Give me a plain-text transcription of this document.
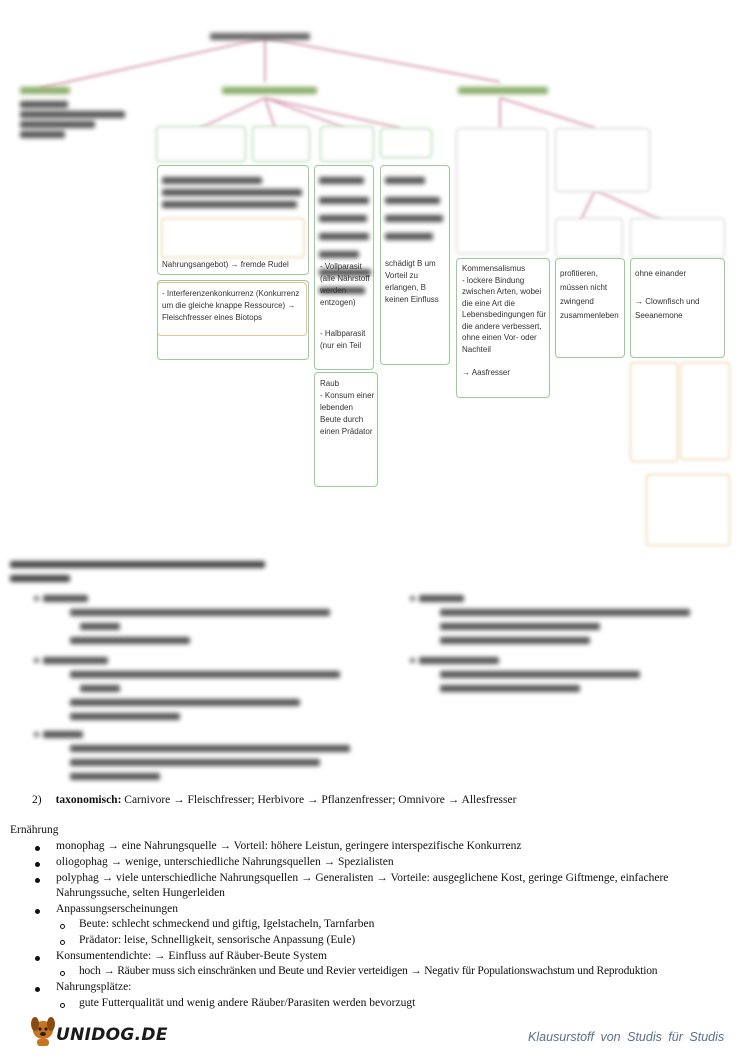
Nahrungsangebot) → fremde Rudel
- Interferenzenkonkurrenz (Konkurrenz um die gleiche knappe Ressource) → Fleischfresser eines Biotops

- Vollparasit (alle Nährstoff werden entzogen)
- Halbparasit (nur ein Teil
Raub
- Konsum einer lebenden Beute durch einen Prädator

schädigt B um Vorteil zu erlangen, B keinen Einfluss
Kommensalismus
- lockere Bindung zwischen Arten, wobei die eine Art die Lebensbedingungen für die andere verbessert, ohne einen Vor- oder Nachteil

→ Aasfresser
profitieren, müssen nicht zwingend zusammenleben
ohne einander

→ Clownfisch und Seeanemone

2) taxonomisch: Carnivore → Fleischfresser; Herbivore → Pflanzenfresser; Omnivore → Allesfresser
Ernährung
monophag → eine Nahrungsquelle → Vorteil: höhere Leistun, geringere interspezifische Konkurrenz
oliogophag → wenige, unterschiedliche Nahrungsquellen → Spezialisten
polyphag → viele unterschiedliche Nahrungsquellen → Generalisten → Vorteile: ausgeglichene Kost, geringe Giftmenge, einfachere Nahrungssuche, selten Hungerleiden
Anpassungserscheinungen
Beute: schlecht schmeckend und giftig, Igelstacheln, Tarnfarben
Prädator: leise, Schnelligkeit, sensorische Anpassung (Eule)
Konsumentendichte: → Einfluss auf Räuber-Beute System
hoch → Räuber muss sich einschränken und Beute und Revier verteidigen → Negativ für Populationswachstum und Reproduktion
Nahrungsplätze:
gute Futterqualität und wenig andere Räuber/Parasiten werden bevorzugt
UNIDOG.DE	Klausurstoff von Studis für Studis
